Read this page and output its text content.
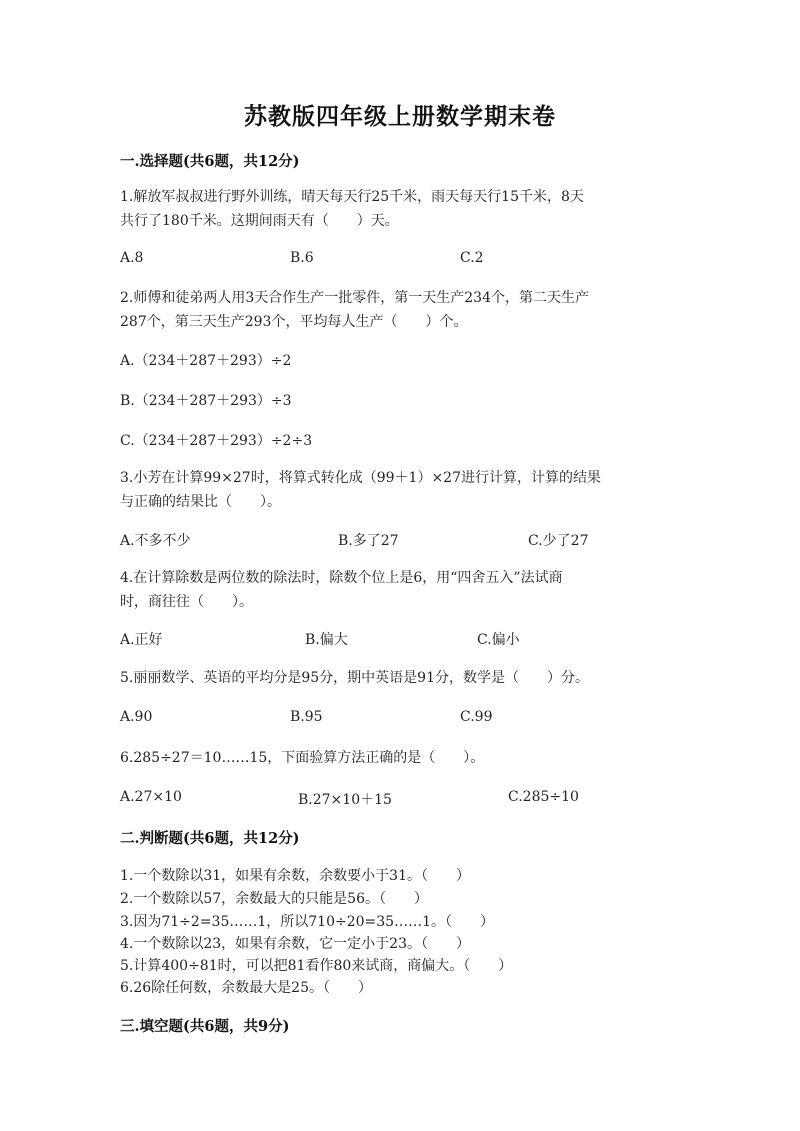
苏教版四年级上册数学期末卷
一.选择题(共6题，共12分)
1.解放军叔叔进行野外训练，晴天每天行25千米，雨天每天行15千米，8天
共行了180千米。这期间雨天有（　　）天。
A.8	B.6	C.2
2.师傅和徒弟两人用3天合作生产一批零件，第一天生产234个，第二天生产
287个，第三天生产293个，平均每人生产（　　）个。
A.（234＋287＋293）÷2
B.（234＋287＋293）÷3
C.（234＋287＋293）÷2÷3
3.小芳在计算99×27时，将算式转化成（99＋1）×27进行计算，计算的结果
与正确的结果比（　　）。
A.不多不少	B.多了27	C.少了27
4.在计算除数是两位数的除法时，除数个位上是6，用“四舍五入”法试商
时，商往往（　　）。
A.正好	B.偏大	C.偏小
5.丽丽数学、英语的平均分是95分，期中英语是91分，数学是（　　）分。
A.90	B.95	C.99
6.285÷27＝10……15，下面验算方法正确的是（　　）。
A.27×10	B.27×10＋15	C.285÷10
二.判断题(共6题，共12分)
1.一个数除以31，如果有余数，余数要小于31。（　　）
2.一个数除以57，余数最大的只能是56。（　　）
3.因为71÷2=35……1，所以710÷20=35……1。（　　）
4.一个数除以23，如果有余数，它一定小于23。（　　）
5.计算400÷81时，可以把81看作80来试商，商偏大。（　　）
6.26除任何数，余数最大是25。（　　）
三.填空题(共6题，共9分)
